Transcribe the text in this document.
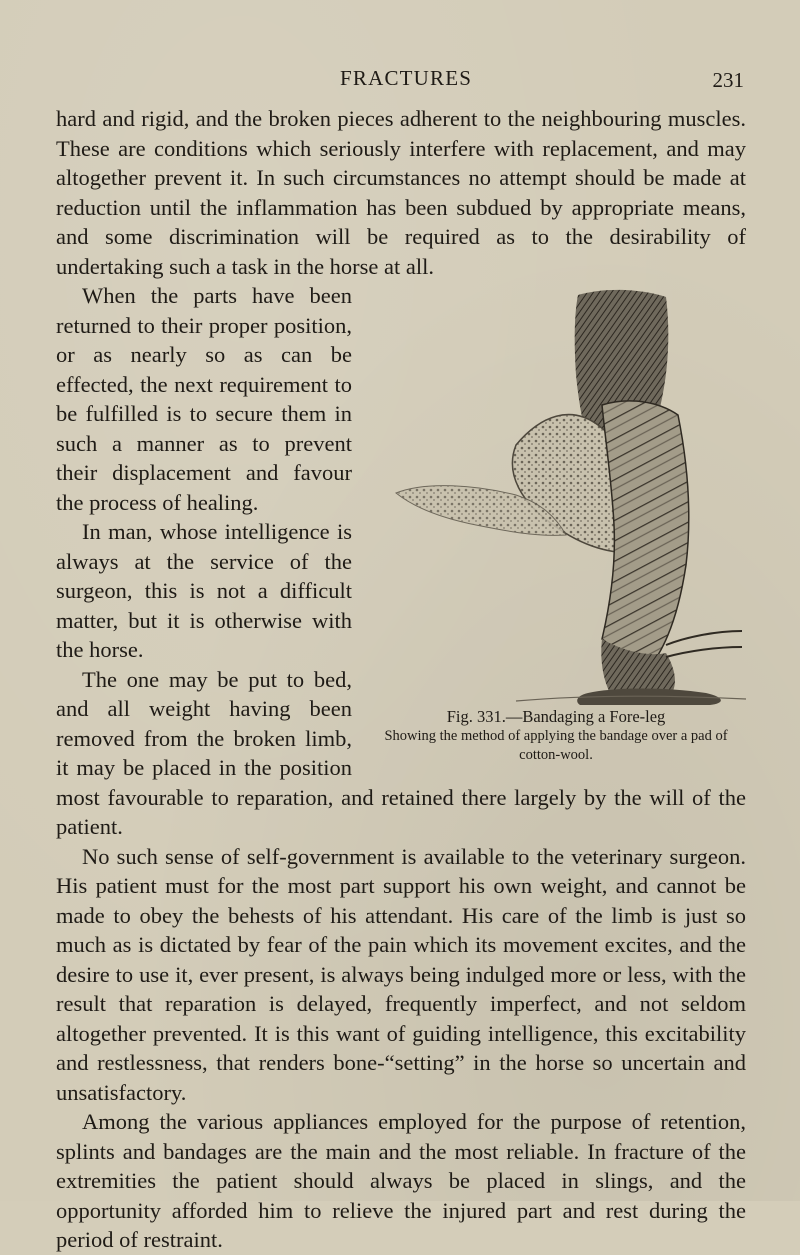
FRACTURES	231

hard and rigid, and the broken pieces adherent to the neighbouring muscles. These are conditions which seriously interfere with replacement, and may altogether prevent it. In such circumstances no attempt should be made at reduction until the inflammation has been subdued by appropriate means, and some discrimination will be required as to the desirability of undertaking such a task in the horse at all.

Fig. 331.—Bandaging a Fore-leg
Showing the method of applying the bandage over a pad of cotton-wool.

When the parts have been returned to their proper position, or as nearly so as can be effected, the next requirement to be fulfilled is to secure them in such a manner as to prevent their displacement and favour the process of healing.

In man, whose intelligence is always at the service of the surgeon, this is not a difficult matter, but it is otherwise with the horse.

The one may be put to bed, and all weight having been removed from the broken limb, it may be placed in the position most favourable to reparation, and retained there largely by the will of the patient.

No such sense of self-government is available to the veterinary surgeon. His patient must for the most part support his own weight, and cannot be made to obey the behests of his attendant. His care of the limb is just so much as is dictated by fear of the pain which its movement excites, and the desire to use it, ever present, is always being indulged more or less, with the result that reparation is delayed, frequently imperfect, and not seldom altogether prevented. It is this want of guiding intelligence, this excitability and restlessness, that renders bone-“setting” in the horse so uncertain and unsatisfactory.

Among the various appliances employed for the purpose of retention, splints and bandages are the main and the most reliable. In fracture of the extremities the patient should always be placed in slings, and the opportunity afforded him to relieve the injured part and rest during the period of restraint.
